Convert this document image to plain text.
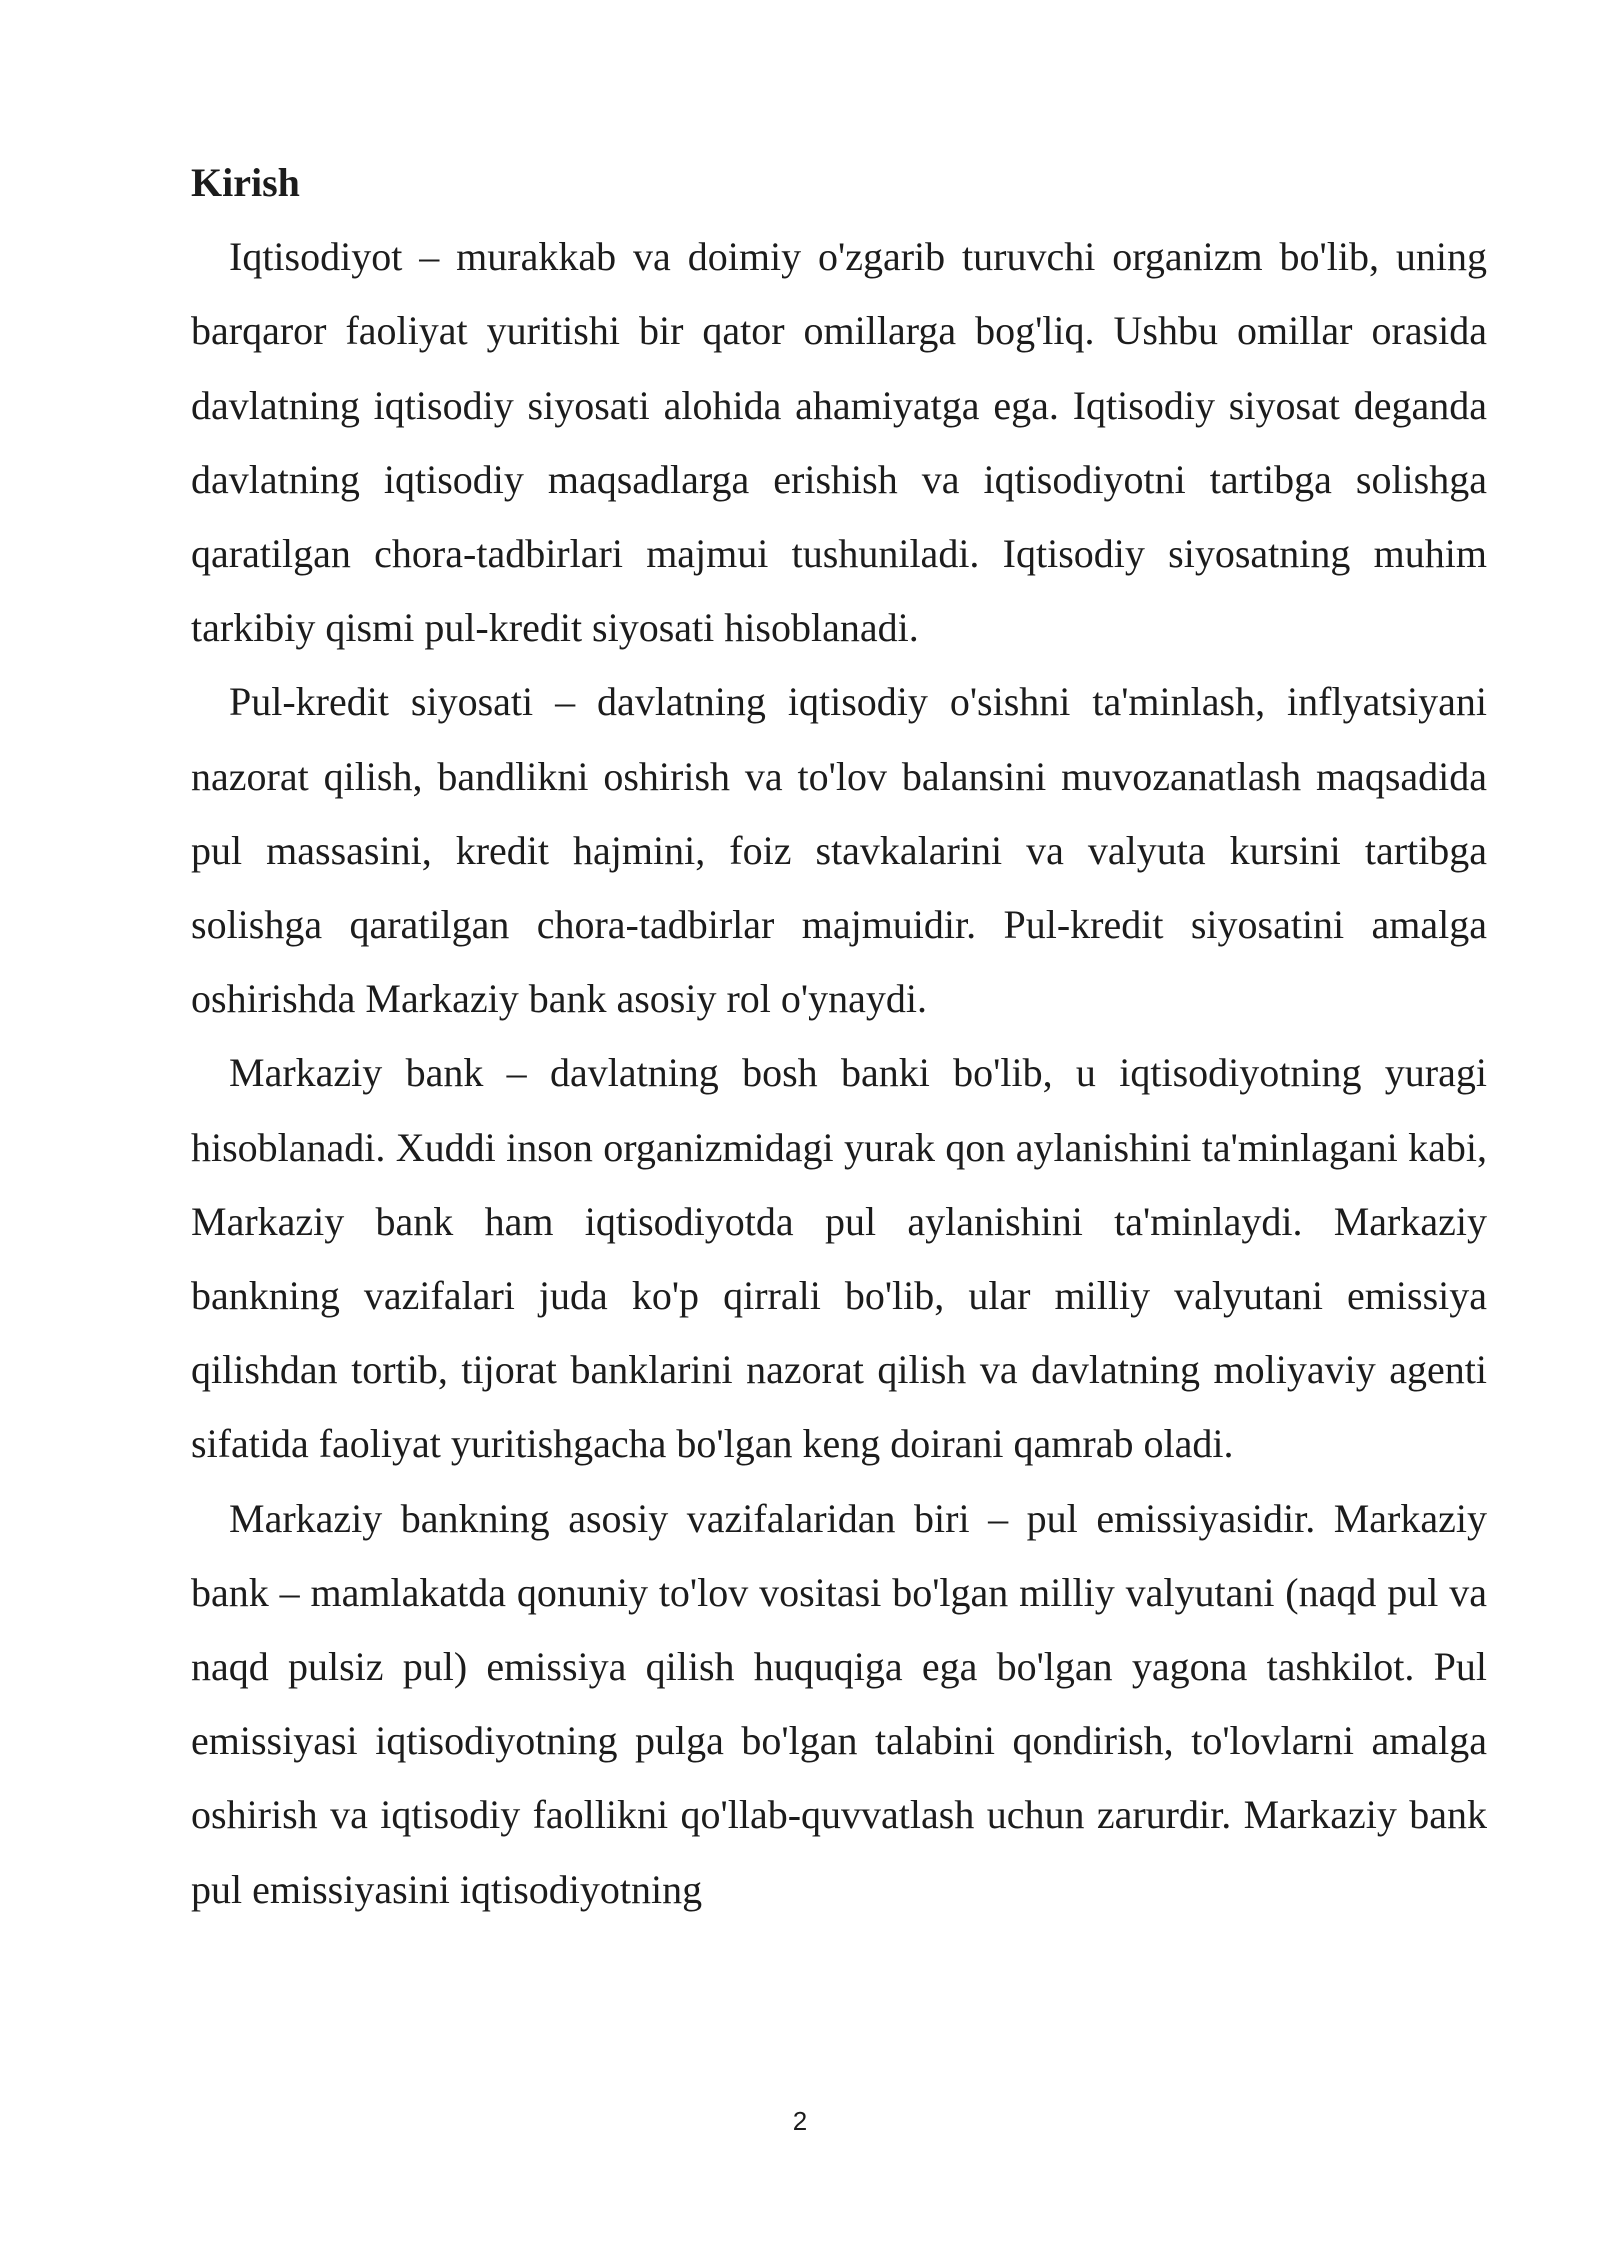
Kirish

Iqtisodiyot – murakkab va doimiy o'zgarib turuvchi organizm bo'lib, uning barqaror faoliyat yuritishi bir qator omillarga bog'liq. Ushbu omillar orasida davlatning iqtisodiy siyosati alohida ahamiyatga ega. Iqtisodiy siyosat deganda davlatning iqtisodiy maqsadlarga erishish va iqtisodiyotni tartibga solishga qaratilgan chora-tadbirlari majmui tushuniladi. Iqtisodiy siyosatning muhim tarkibiy qismi pul-kredit siyosati hisoblanadi.

Pul-kredit siyosati – davlatning iqtisodiy o'sishni ta'minlash, inflyatsiyani nazorat qilish, bandlikni oshirish va to'lov balansini muvozanatlash maqsadida pul massasini, kredit hajmini, foiz stavkalarini va valyuta kursini tartibga solishga qaratilgan chora-tadbirlar majmuidir. Pul-kredit siyosatini amalga oshirishda Markaziy bank asosiy rol o'ynaydi.

Markaziy bank – davlatning bosh banki bo'lib, u iqtisodiyotning yuragi hisoblanadi. Xuddi inson organizmidagi yurak qon aylanishini ta'minlagani kabi, Markaziy bank ham iqtisodiyotda pul aylanishini ta'minlaydi. Markaziy bankning vazifalari juda ko'p qirrali bo'lib, ular milliy valyutani emissiya qilishdan tortib, tijorat banklarini nazorat qilish va davlatning moliyaviy agenti sifatida faoliyat yuritishgacha bo'lgan keng doirani qamrab oladi.

Markaziy bankning asosiy vazifalaridan biri – pul emissiyasidir. Markaziy bank – mamlakatda qonuniy to'lov vositasi bo'lgan milliy valyutani (naqd pul va naqd pulsiz pul) emissiya qilish huquqiga ega bo'lgan yagona tashkilot. Pul emissiyasi iqtisodiyotning pulga bo'lgan talabini qondirish, to'lovlarni amalga oshirish va iqtisodiy faollikni qo'llab-quvvatlash uchun zarurdir. Markaziy bank pul emissiyasini iqtisodiyotning

2
